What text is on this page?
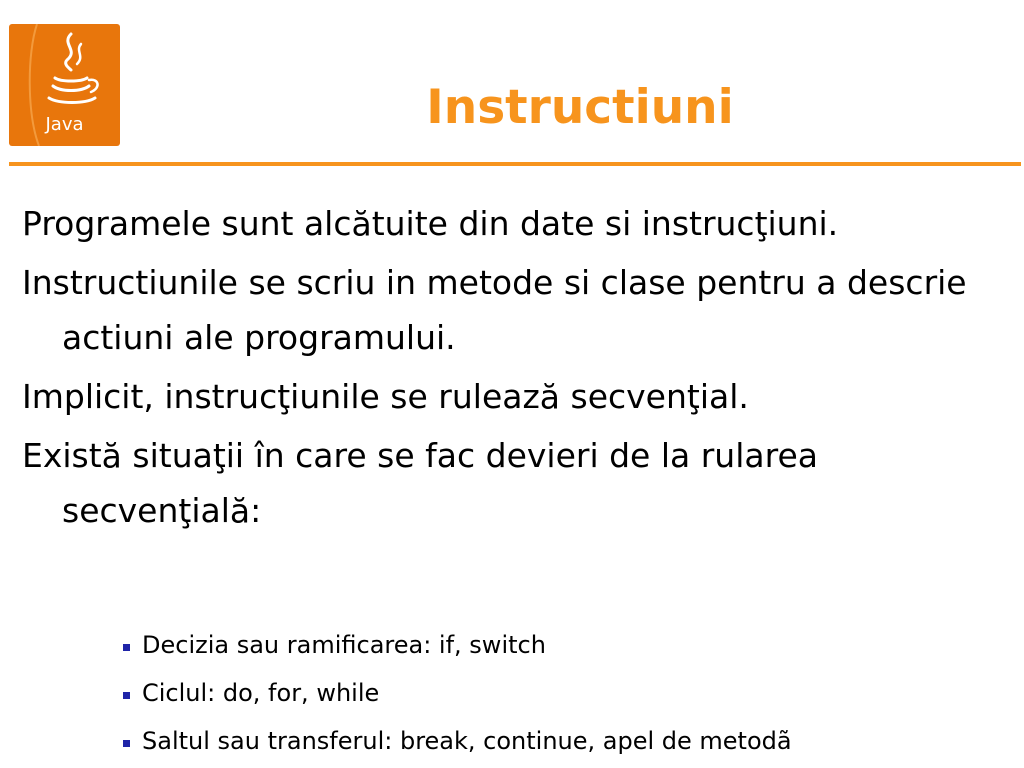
Java	Instructiuni
Programele sunt alcătuite din date si instrucţiuni.
Instructiunile se scriu in metode si clase pentru a descrie actiuni ale programului.
Implicit, instrucţiunile se rulează secvenţial.
Există situaţii în care se fac devieri de la rularea secvenţială:
Decizia sau ramificarea: if, switch
Ciclul: do, for, while
Saltul sau transferul: break, continue, apel de metodã
